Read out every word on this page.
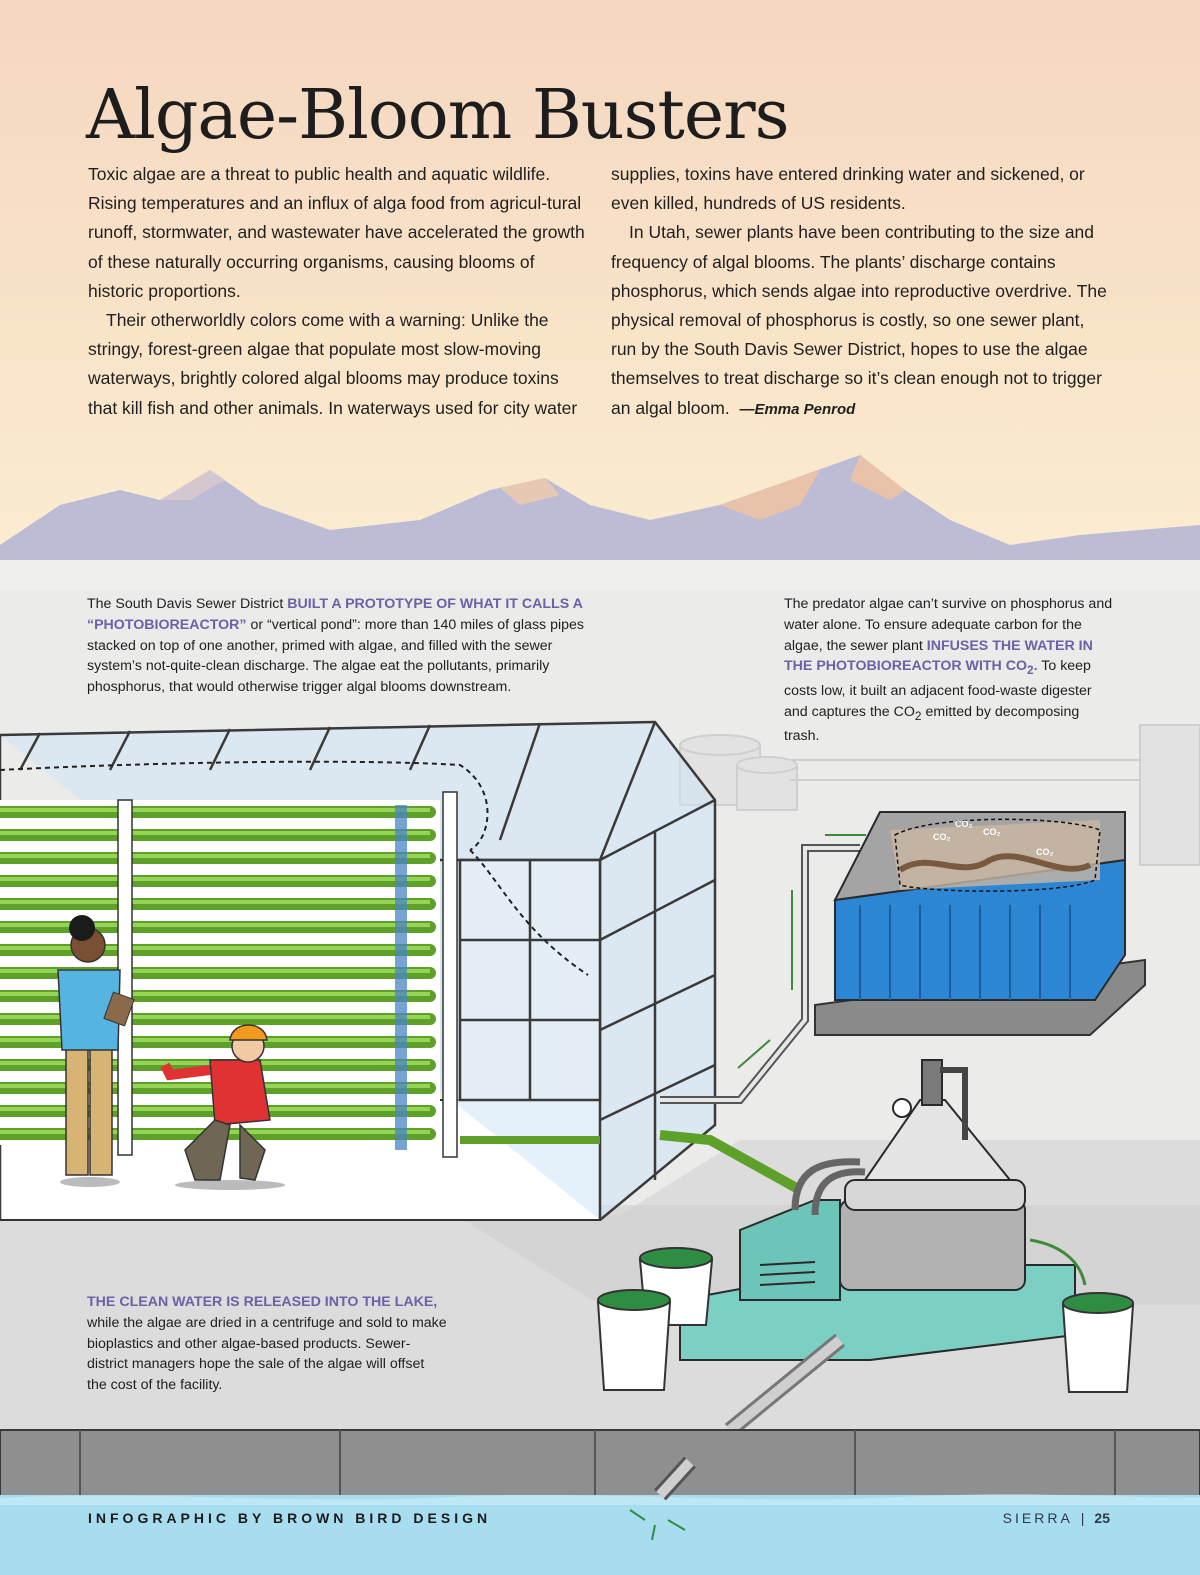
CO₂
CO₂	CO₂
CO₂
Algae-Bloom Busters

Toxic algae are a threat to public health and aquatic wildlife. Rising temperatures and an influx of alga food from agricul-tural runoff, stormwater, and wastewater have accelerated the growth of these naturally occurring organisms, causing blooms of historic proportions.

Their otherworldly colors come with a warning: Unlike the stringy, forest-green algae that populate most slow-moving waterways, brightly colored algal blooms may produce toxins that kill fish and other animals. In waterways used for city water

supplies, toxins have entered drinking water and sickened, or even killed, hundreds of US residents.

In Utah, sewer plants have been contributing to the size and frequency of algal blooms. The plants’ discharge contains phosphorus, which sends algae into reproductive overdrive. The physical removal of phosphorus is costly, so one sewer plant, run by the South Davis Sewer District, hopes to use the algae themselves to treat discharge so it’s clean enough not to trigger an algal bloom. —Emma Penrod

The South Davis Sewer District BUILT A PROTOTYPE OF WHAT IT CALLS A “PHOTOBIOREACTOR” or “vertical pond”: more than 140 miles of glass pipes stacked on top of one another, primed with algae, and filled with the sewer system’s not-quite-clean discharge. The algae eat the pollutants, primarily phosphorus, that would otherwise trigger algal blooms downstream.
The predator algae can’t survive on phosphorus and water alone. To ensure adequate carbon for the algae, the sewer plant INFUSES THE WATER IN THE PHOTOBIOREACTOR WITH $CO_2$. To keep costs low, it built an adjacent food-waste digester and captures the $CO_2$ emitted by decomposing trash.
THE CLEAN WATER IS RELEASED INTO THE LAKE,
while the algae are dried in a centrifuge and sold to make bioplastics and other algae-based products. Sewer-district managers hope the sale of the algae will offset the cost of the facility.
INFOGRAPHIC BY BROWN BIRD DESIGN	SIERRA | 25
